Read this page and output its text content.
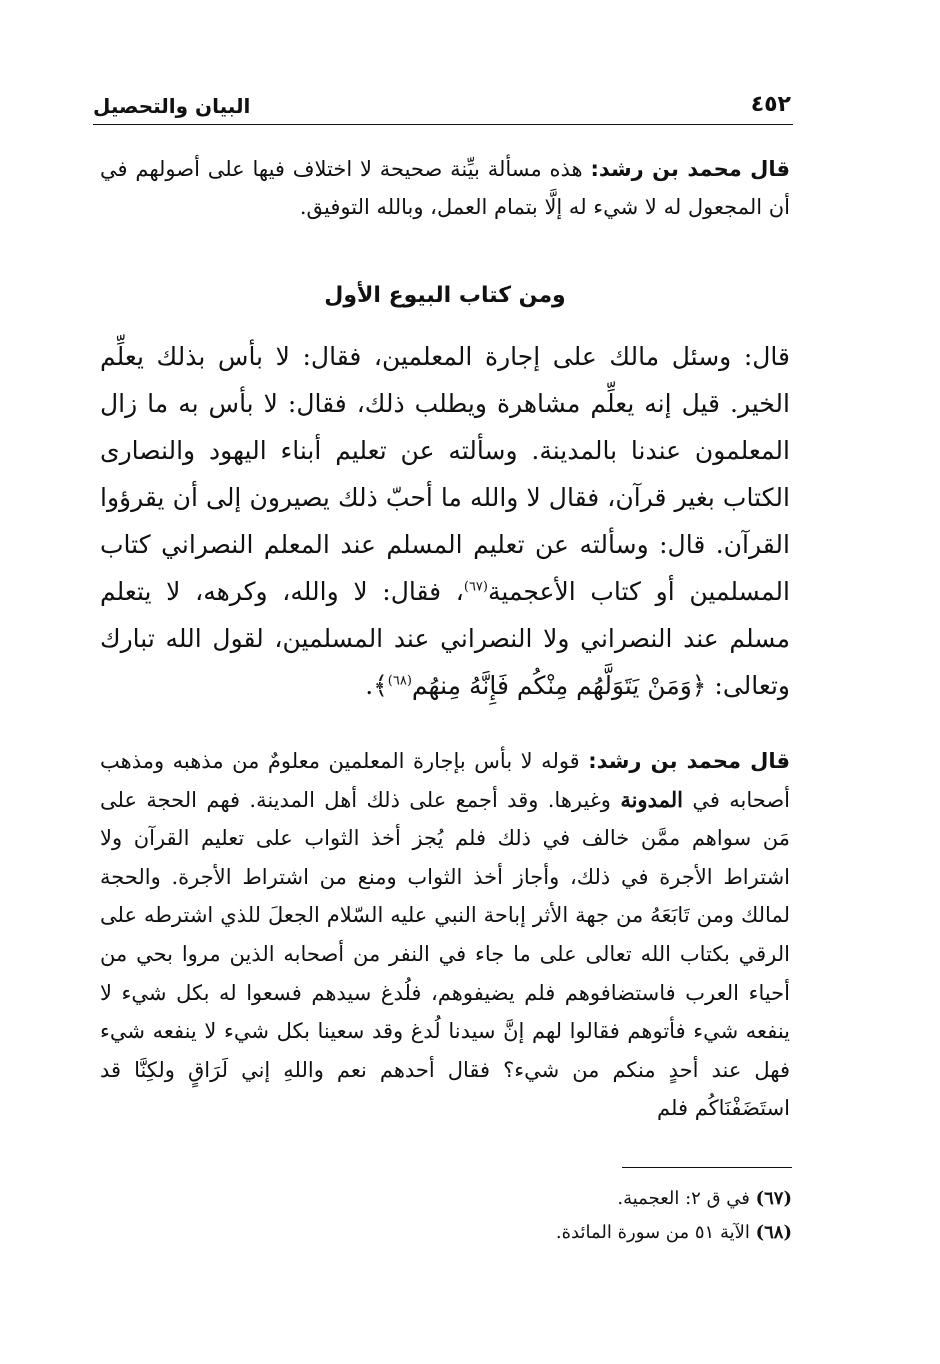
البيان والتحصيل	٤٥٢

قال محمد بن رشد: هذه مسألة بيِّنة صحيحة لا اختلاف فيها على أصولهم في أن المجعول له لا شيء له إلَّا بتمام العمل، وبالله التوفيق.

ومن كتاب البيوع الأول

قال: وسئل مالك على إجارة المعلمين، فقال: لا بأس بذلك يعلِّم الخير. قيل إنه يعلِّم مشاهرة ويطلب ذلك، فقال: لا بأس به ما زال المعلمون عندنا بالمدينة. وسألته عن تعليم أبناء اليهود والنصارى الكتاب بغير قرآن، فقال لا والله ما أحبّ ذلك يصيرون إلى أن يقرؤوا القرآن. قال: وسألته عن تعليم المسلم عند المعلم النصراني كتاب المسلمين أو كتاب الأعجمية$^{(٦٧)}$، فقال: لا والله، وكرهه، لا يتعلم مسلم عند النصراني ولا النصراني عند المسلمين، لقول الله تبارك وتعالى: ﴿وَمَنْ يَتَوَلَّهُم مِنْكُم فَإِنَّهُ مِنهُم$^{(٦٨)}$﴾.

قال محمد بن رشد: قوله لا بأس بإجارة المعلمين معلومٌ من مذهبه ومذهب أصحابه في المدونة وغيرها. وقد أجمع على ذلك أهل المدينة. فهم الحجة على مَن سواهم ممَّن خالف في ذلك فلم يُجز أخذ الثواب على تعليم القرآن ولا اشتراط الأجرة في ذلك، وأجاز أخذ الثواب ومنع من اشتراط الأجرة. والحجة لمالك ومن تَابَعَهُ من جهة الأثر إباحة النبي عليه السّلام الجعلَ للذي اشترطه على الرقي بكتاب الله تعالى على ما جاء في النفر من أصحابه الذين مروا بحي من أحياء العرب فاستضافوهم فلم يضيفوهم، فلُدغ سيدهم فسعوا له بكل شيء لا ينفعه شيء فأتوهم فقالوا لهم إنَّ سيدنا لُدغ وقد سعينا بكل شيء لا ينفعه شيء فهل عند أحدٍ منكم من شيء؟ فقال أحدهم نعم واللهِ إني لَرَاقٍ ولكِنَّا قد استَضَفْنَاكُم فلم

(٦٧) في ق ٢: العجمية.
(٦٨) الآية ٥١ من سورة المائدة.
